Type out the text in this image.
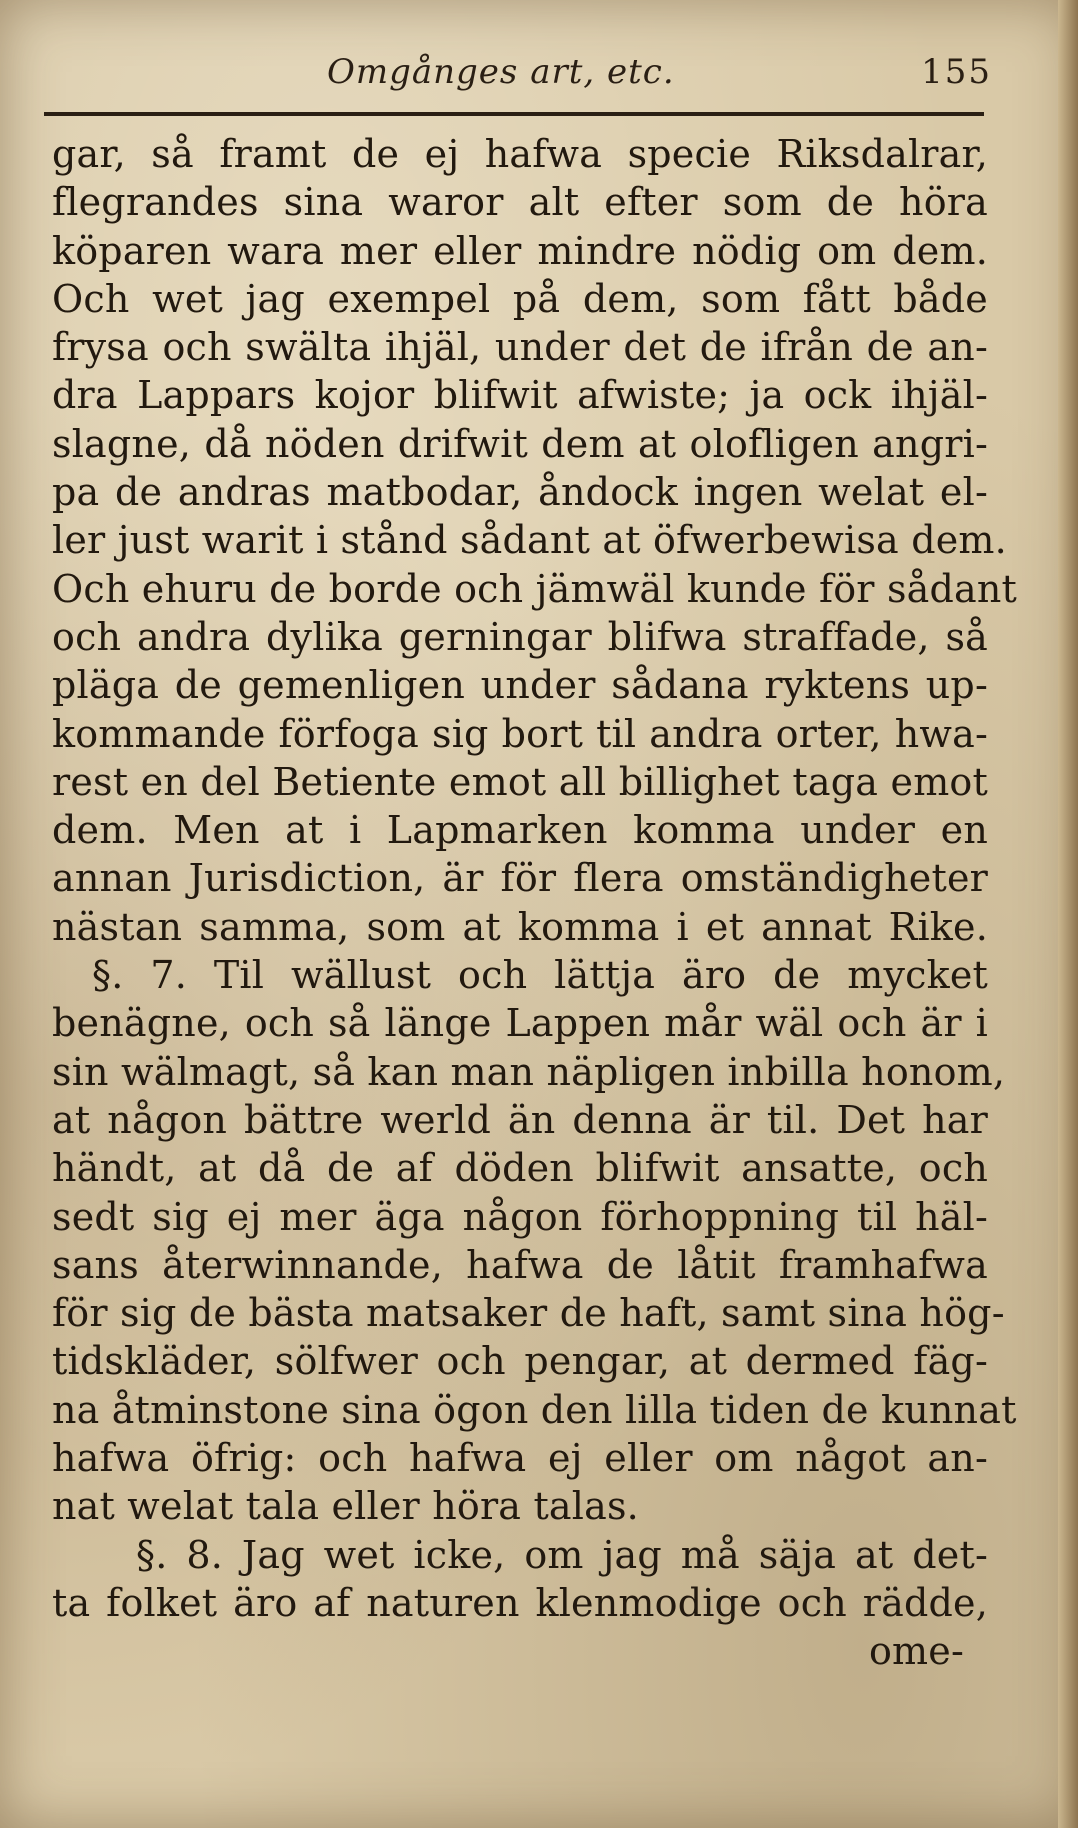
Omgånges art, etc.	155
gar, så framt de ej hafwa specie Riksdalrar,
flegrandes sina waror alt efter som de höra
köparen wara mer eller mindre nödig om dem.
Och wet jag exempel på dem, som fått både
frysa och swälta ihjäl, under det de ifrån de an-
dra Lappars kojor blifwit afwiste; ja ock ihjäl-
slagne, då nöden drifwit dem at olofligen angri-
pa de andras matbodar, åndock ingen welat el-
ler just warit i stånd sådant at öfwerbewisa dem.
Och ehuru de borde och jämwäl kunde för sådant
och andra dylika gerningar blifwa straffade, så
pläga de gemenligen under sådana ryktens up-
kommande förfoga sig bort til andra orter, hwa-
rest en del Betiente emot all billighet taga emot
dem. Men at i Lapmarken komma under en
annan Jurisdiction, är för flera omständigheter
nästan samma, som at komma i et annat Rike.
§. 7. Til wällust och lättja äro de mycket
benägne, och så länge Lappen mår wäl och är i
sin wälmagt, så kan man näpligen inbilla honom,
at någon bättre werld än denna är til. Det har
händt, at då de af döden blifwit ansatte, och
sedt sig ej mer äga någon förhoppning til häl-
sans återwinnande, hafwa de låtit framhafwa
för sig de bästa matsaker de haft, samt sina hög-
tidskläder, sölfwer och pengar, at dermed fäg-
na åtminstone sina ögon den lilla tiden de kunnat
hafwa öfrig: och hafwa ej eller om något an-
nat welat tala eller höra talas.
§. 8. Jag wet icke, om jag må säja at det-
ta folket äro af naturen klenmodige och rädde,
ome-
